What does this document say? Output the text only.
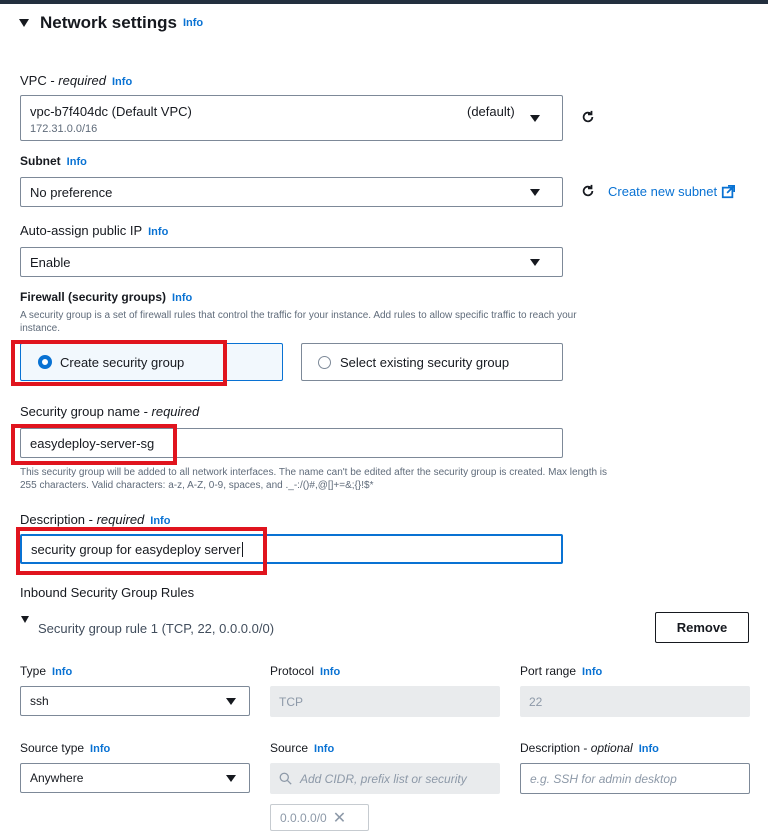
Network settings Info
VPC - required Info
vpc-b7f404dc (Default VPC)
172.31.0.0/16
(default)
Subnet Info
No preference	Create new subnet
Auto-assign public IP Info
Enable
Firewall (security groups) Info
A security group is a set of firewall rules that control the traffic for your instance. Add rules to allow specific traffic to reach your
instance.
Create security group	Select existing security group
Security group name - required
easydeploy-server-sg
This security group will be added to all network interfaces. The name can't be edited after the security group is created. Max length is
255 characters. Valid characters: a-z, A-Z, 0-9, spaces, and ._-:/()#,@[]+=&;{}!$*
Description - required Info
security group for easydeploy server
Inbound Security Group Rules
Security group rule 1 (TCP, 22, 0.0.0.0/0)	Remove
Type Info	Protocol Info	Port range Info
ssh	TCP	22
Source type Info	Source Info	Description - optional Info
Anywhere	Add CIDR, prefix list or security	e.g. SSH for admin desktop
0.0.0.0/0 ✕
